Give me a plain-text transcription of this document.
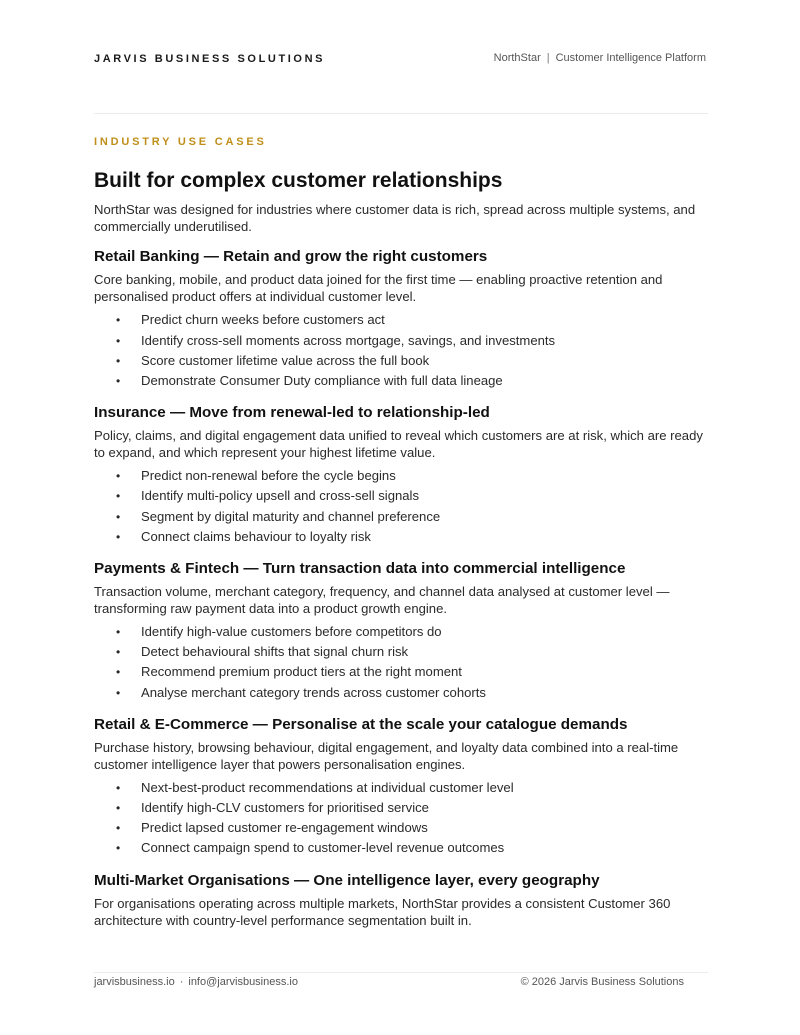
JARVIS BUSINESS SOLUTIONS	NorthStar | Customer Intelligence Platform
INDUSTRY USE CASES
Built for complex customer relationships

NorthStar was designed for industries where customer data is rich, spread across multiple systems, and commercially underutilised.

Retail Banking — Retain and grow the right customers

Core banking, mobile, and product data joined for the first time — enabling proactive retention and personalised product offers at individual customer level.

• Predict churn weeks before customers act
• Identify cross-sell moments across mortgage, savings, and investments
• Score customer lifetime value across the full book
• Demonstrate Consumer Duty compliance with full data lineage
Insurance — Move from renewal-led to relationship-led

Policy, claims, and digital engagement data unified to reveal which customers are at risk, which are ready to expand, and which represent your highest lifetime value.

• Predict non-renewal before the cycle begins
• Identify multi-policy upsell and cross-sell signals
• Segment by digital maturity and channel preference
• Connect claims behaviour to loyalty risk
Payments & Fintech — Turn transaction data into commercial intelligence

Transaction volume, merchant category, frequency, and channel data analysed at customer level — transforming raw payment data into a product growth engine.

• Identify high-value customers before competitors do
• Detect behavioural shifts that signal churn risk
• Recommend premium product tiers at the right moment
• Analyse merchant category trends across customer cohorts
Retail & E-Commerce — Personalise at the scale your catalogue demands

Purchase history, browsing behaviour, digital engagement, and loyalty data combined into a real-time customer intelligence layer that powers personalisation engines.

• Next-best-product recommendations at individual customer level
• Identify high-CLV customers for prioritised service
• Predict lapsed customer re-engagement windows
• Connect campaign spend to customer-level revenue outcomes
Multi-Market Organisations — One intelligence layer, every geography

For organisations operating across multiple markets, NorthStar provides a consistent Customer 360 architecture with country-level performance segmentation built in.

jarvisbusiness.io · info@jarvisbusiness.io	© 2026 Jarvis Business Solutions
